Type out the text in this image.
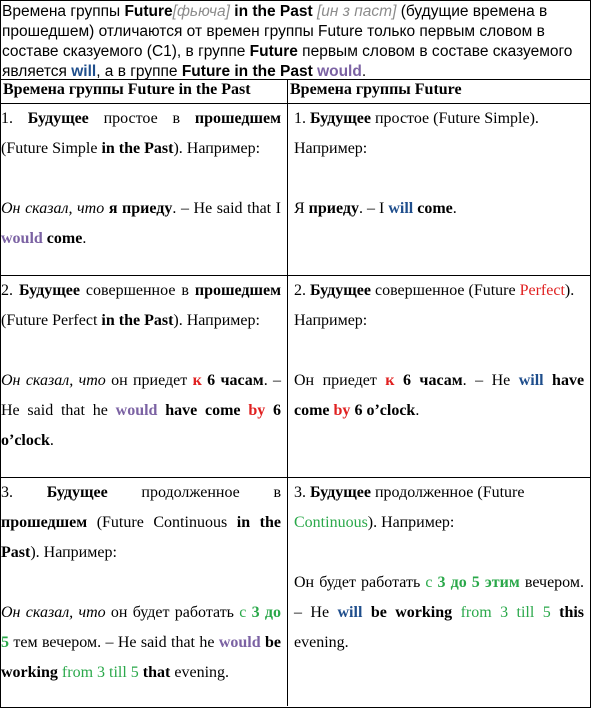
Времена группы Future[фьюча] in the Past [ин з паст] (будущие времена в прошедшем) отличаются от времен группы Future только первым словом в составе сказуемого (С1), в группе Future первым словом в составе сказуемого является will, а в группе Future in the Past would.
Времена группы Future in the Past	Времена группы Future

1. Будущее простое в прошедшем (Future Simple in the Past). Например:

Он сказал, что я приеду. – He said that I would come.

1. Будущее простое (Future Simple). Например:

Я приеду. – I will come.

2. Будущее совершенное в прошедшем (Future Perfect in the Past). Например:

Он сказал, что он приедет к 6 часам. – He said that he would have come by 6 o’clock.

2. Будущее совершенное (Future Perfect). Например:

Он приедет к 6 часам. – He will have come by 6 o’clock.

3. Будущее продолженное в прошедшем (Future Continuous in the Past). Например:

Он сказал, что он будет работать с 3 до 5 тем вечером. – He said that he would be working from 3 till 5 that evening.

3. Будущее продолженное (Future Continuous). Например:

Он будет работать с 3 до 5 этим вечером. – He will be working from 3 till 5 this evening.
